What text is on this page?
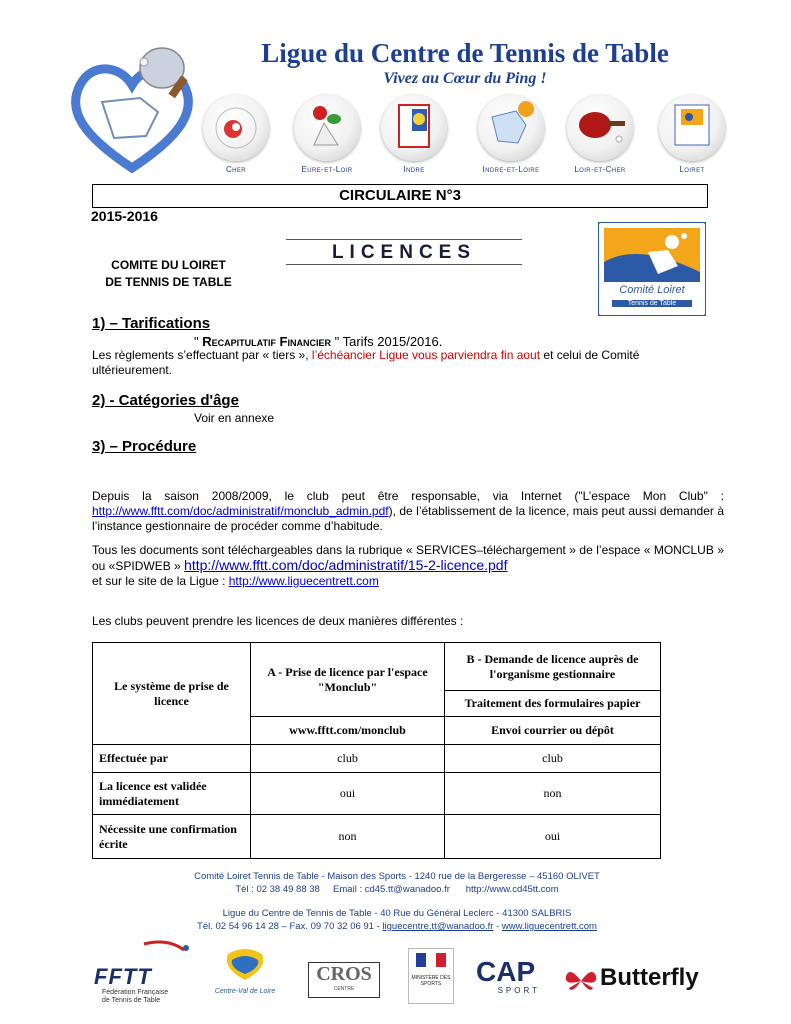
Ligue du Centre de Tennis de Table
Vivez au Cœur du Ping !
Cher	Eure-et-Loir	Indre	Indre-et-Loire	Loir-et-Cher	Loiret
CIRCULAIRE N°3
2015-2016
COMITE DU LOIRET
DE TENNIS DE TABLE
LICENCES
Comité Loiret
Tennis de Table
1) – Tarifications
" Recapitulatif Financier " Tarifs 2015/2016.
Les règlements s’effectuant par « tiers », l’échéancier Ligue vous parviendra fin aout et celui de Comité ultérieurement.
2) - Catégories d'âge
Voir en annexe
3) – Procédure
Depuis la saison 2008/2009, le club peut être responsable, via Internet ("L’espace Mon Club" : http://www.fftt.com/doc/administratif/monclub_admin.pdf), de l’établissement de la licence, mais peut aussi demander à l’instance gestionnaire de procéder comme d’habitude.
Tous les documents sont téléchargeables dans la rubrique « SERVICES–téléchargement » de l’espace « MONCLUB » ou «SPIDWEB » http://www.fftt.com/doc/administratif/15-2-licence.pdf
et sur le site de la Ligue : http://www.liguecentrett.com
Les clubs peuvent prendre les licences de deux manières différentes :
Le système de prise de licence	A - Prise de licence par l'espace "Monclub"	B - Demande de licence auprès de l'organisme gestionnaire
		Traitement des formulaires papier
	www.fftt.com/monclub	Envoi courrier ou dépôt
Effectuée par	club	club
La licence est validée immédiatement	oui	non
Nécessite une confirmation écrite	non	oui
Comité Loiret Tennis de Table - Maison des Sports - 1240 rue de la Bergeresse – 45160 OLIVET
Tél : 02 38 49 88 38 Email : cd45.tt@wanadoo.fr http://www.cd45tt.com
Ligue du Centre de Tennis de Table - 40 Rue du Général Leclerc - 41300 SALBRIS
Tél. 02 54 96 14 28 – Fax. 09 70 32 06 91 - liguecentre.tt@wanadoo.fr - www.liguecentrett.com
FFTT
Fédération Française
de Tennis de Table
Centre-Val de Loire
CROS
CENTRE
MINISTÈRE DES SPORTS	CAP
SPORT	Butterfly
